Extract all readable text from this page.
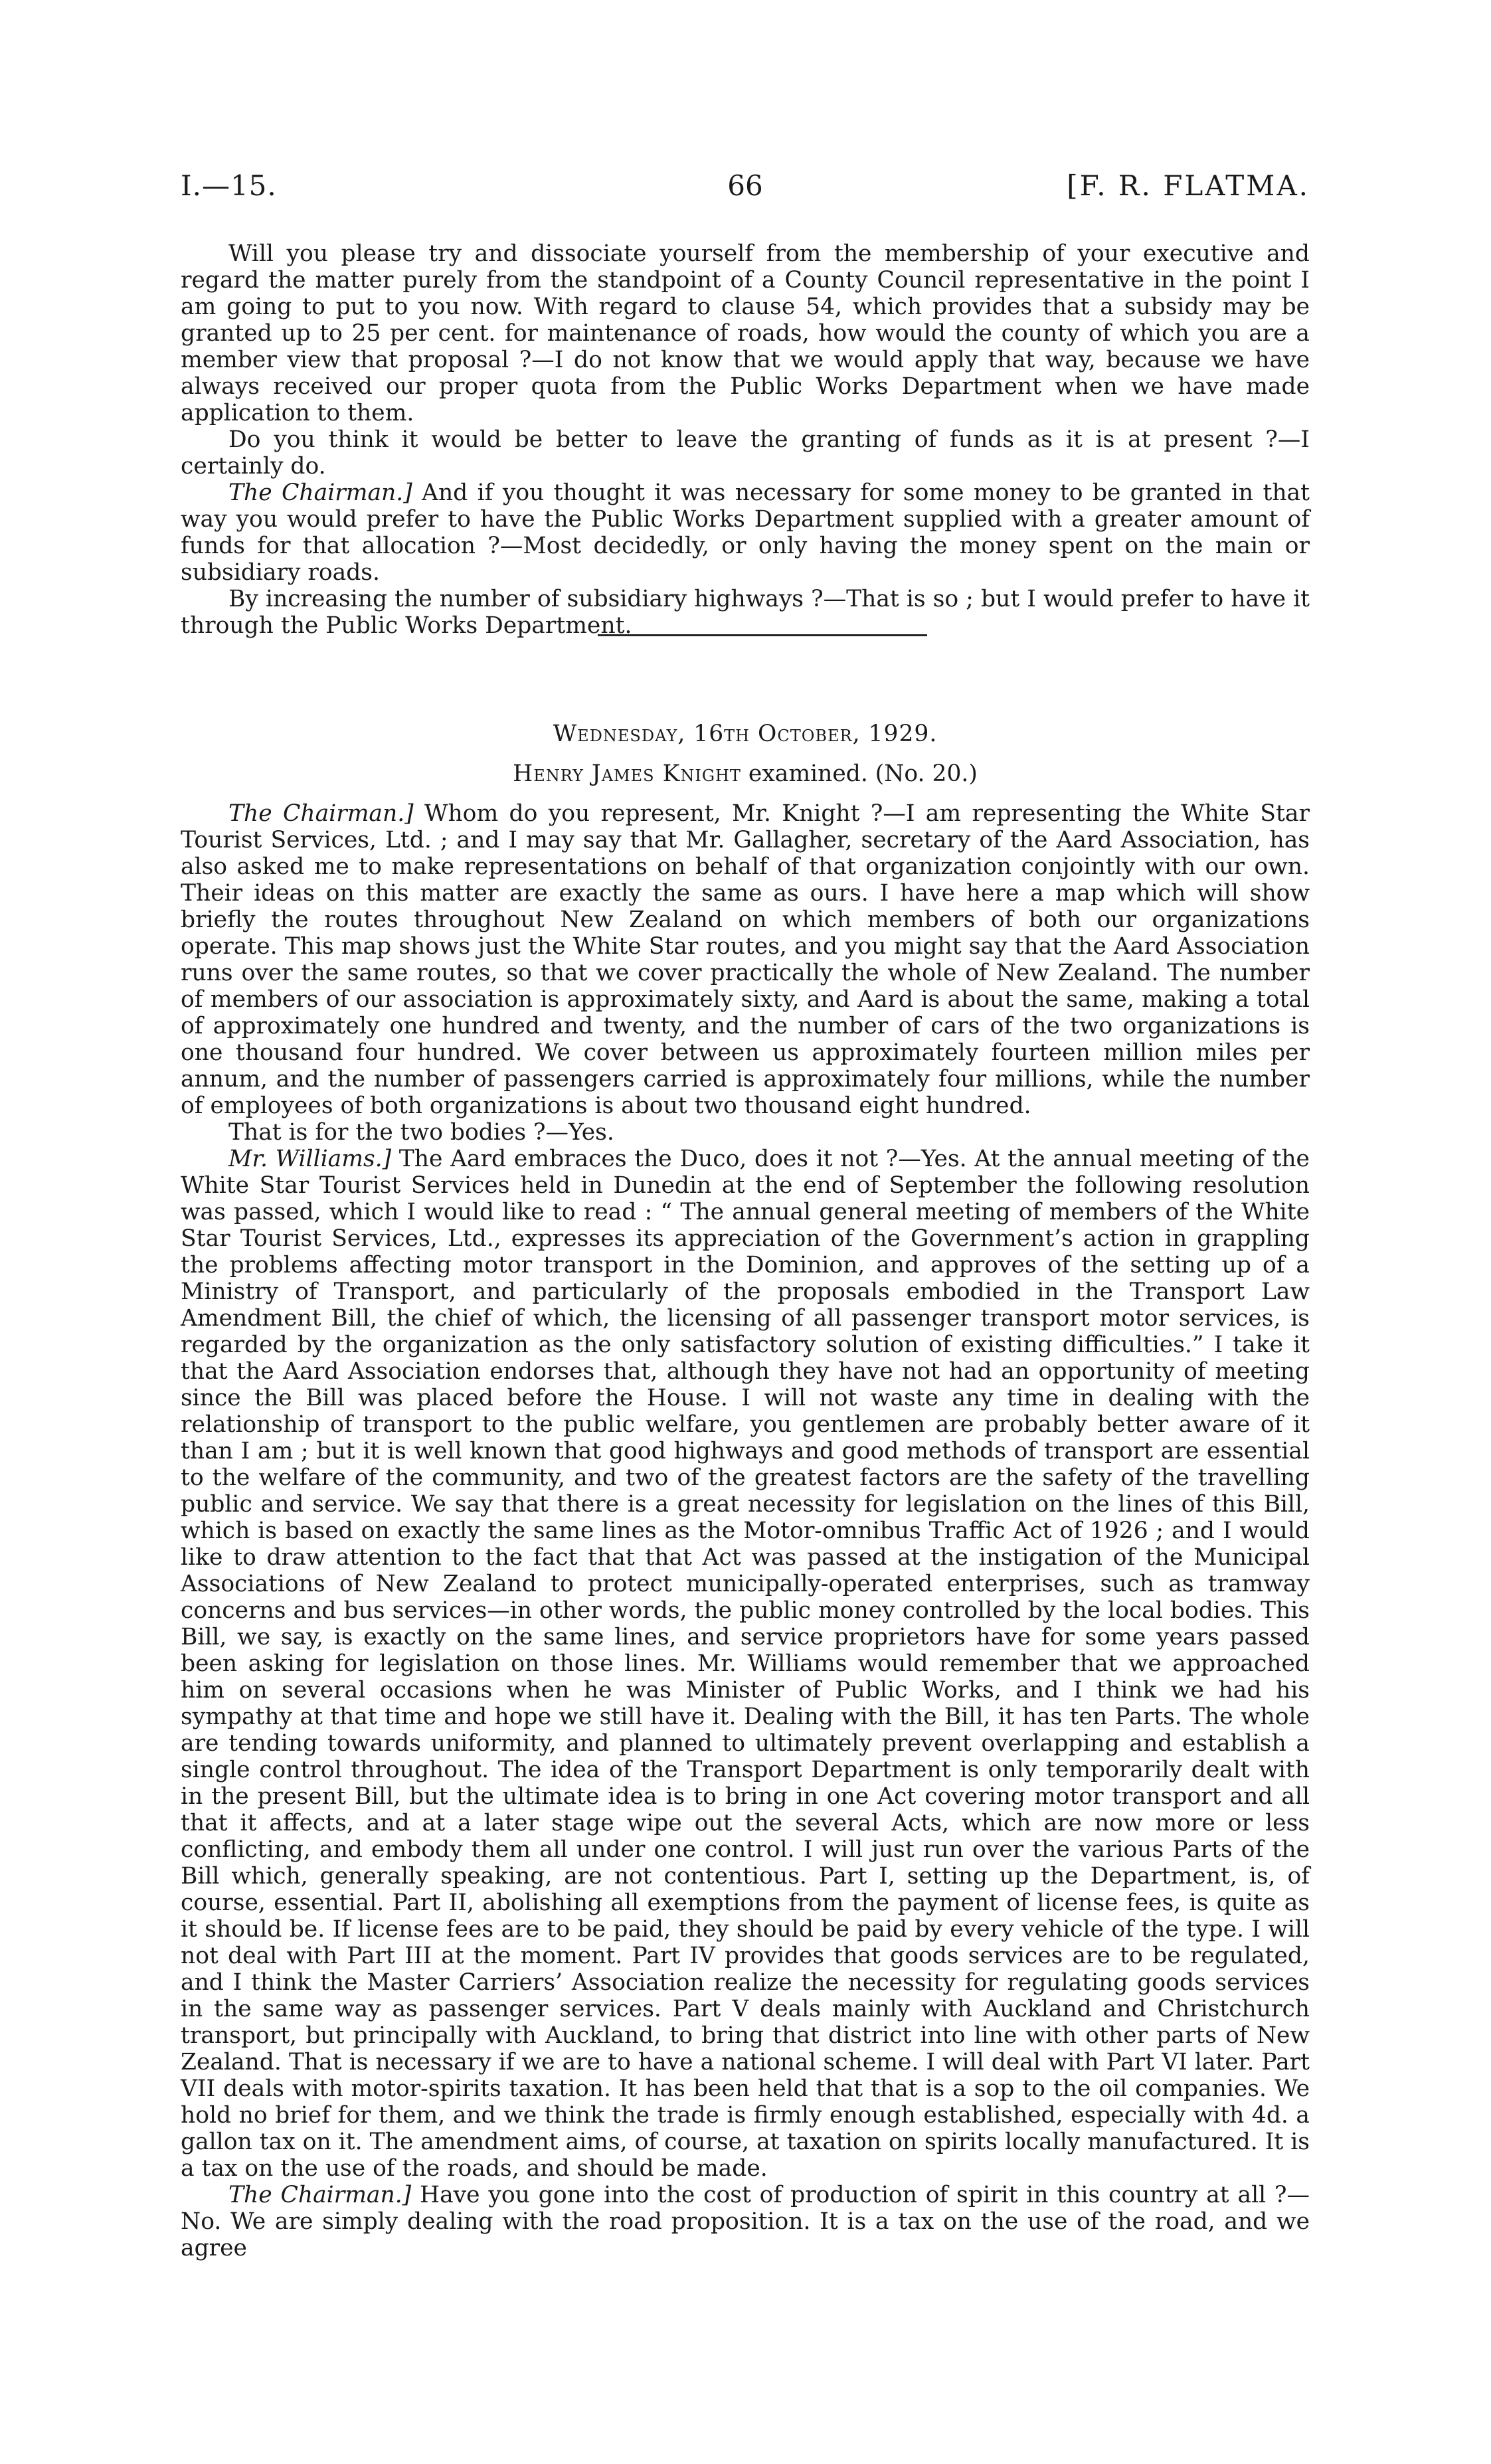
I.—15.	66	[F. R. FLATMA.

Will you please try and dissociate yourself from the membership of your executive and regard the matter purely from the standpoint of a County Council representative in the point I am going to put to you now. With regard to clause 54, which provides that a subsidy may be granted up to 25 per cent. for maintenance of roads, how would the county of which you are a member view that proposal ?—I do not know that we would apply that way, because we have always received our proper quota from the Public Works Department when we have made application to them.

Do you think it would be better to leave the granting of funds as it is at present ?—I certainly do.

The Chairman.] And if you thought it was necessary for some money to be granted in that way you would prefer to have the Public Works Department supplied with a greater amount of funds for that allocation ?—Most decidedly, or only having the money spent on the main or subsidiary roads.

By increasing the number of subsidiary highways ?—That is so ; but I would prefer to have it through the Public Works Department.

Wednesday, 16th October, 1929.
Henry James Knight examined. (No. 20.)

The Chairman.] Whom do you represent, Mr. Knight ?—I am representing the White Star Tourist Services, Ltd. ; and I may say that Mr. Gallagher, secretary of the Aard Association, has also asked me to make representations on behalf of that organization conjointly with our own. Their ideas on this matter are exactly the same as ours. I have here a map which will show briefly the routes throughout New Zealand on which members of both our organizations operate. This map shows just the White Star routes, and you might say that the Aard Association runs over the same routes, so that we cover practically the whole of New Zealand. The number of members of our association is approximately sixty, and Aard is about the same, making a total of approximately one hundred and twenty, and the number of cars of the two organizations is one thousand four hundred. We cover between us approximately fourteen million miles per annum, and the number of passengers carried is approximately four millions, while the number of employees of both organizations is about two thousand eight hundred.

That is for the two bodies ?—Yes.

Mr. Williams.] The Aard embraces the Duco, does it not ?—Yes. At the annual meeting of the White Star Tourist Services held in Dunedin at the end of September the following resolution was passed, which I would like to read : “ The annual general meeting of members of the White Star Tourist Services, Ltd., expresses its appreciation of the Government’s action in grappling the problems affecting motor transport in the Dominion, and approves of the setting up of a Ministry of Transport, and particularly of the proposals embodied in the Transport Law Amendment Bill, the chief of which, the licensing of all passenger transport motor services, is regarded by the organization as the only satisfactory solution of existing difficulties.” I take it that the Aard Association endorses that, although they have not had an opportunity of meeting since the Bill was placed before the House. I will not waste any time in dealing with the relationship of transport to the public welfare, you gentlemen are probably better aware of it than I am ; but it is well known that good highways and good methods of transport are essential to the welfare of the community, and two of the greatest factors are the safety of the travelling public and service. We say that there is a great necessity for legislation on the lines of this Bill, which is based on exactly the same lines as the Motor-omnibus Traffic Act of 1926 ; and I would like to draw attention to the fact that that Act was passed at the instigation of the Municipal Associations of New Zealand to protect municipally-operated enterprises, such as tramway concerns and bus services—in other words, the public money controlled by the local bodies. This Bill, we say, is exactly on the same lines, and service proprietors have for some years passed been asking for legislation on those lines. Mr. Williams would remember that we approached him on several occasions when he was Minister of Public Works, and I think we had his sympathy at that time and hope we still have it. Dealing with the Bill, it has ten Parts. The whole are tending towards uniformity, and planned to ultimately prevent overlapping and establish a single control throughout. The idea of the Transport Department is only temporarily dealt with in the present Bill, but the ultimate idea is to bring in one Act covering motor transport and all that it affects, and at a later stage wipe out the several Acts, which are now more or less conflicting, and embody them all under one control. I will just run over the various Parts of the Bill which, generally speaking, are not contentious. Part I, setting up the Department, is, of course, essential. Part II, abolishing all exemptions from the payment of license fees, is quite as it should be. If license fees are to be paid, they should be paid by every vehicle of the type. I will not deal with Part III at the moment. Part IV provides that goods services are to be regulated, and I think the Master Carriers’ Association realize the necessity for regulating goods services in the same way as passenger services. Part V deals mainly with Auckland and Christchurch transport, but principally with Auckland, to bring that district into line with other parts of New Zealand. That is necessary if we are to have a national scheme. I will deal with Part VI later. Part VII deals with motor-spirits taxation. It has been held that that is a sop to the oil companies. We hold no brief for them, and we think the trade is firmly enough established, especially with 4d. a gallon tax on it. The amendment aims, of course, at taxation on spirits locally manufactured. It is a tax on the use of the roads, and should be made.

The Chairman.] Have you gone into the cost of production of spirit in this country at all ?—No. We are simply dealing with the road proposition. It is a tax on the use of the road, and we agree
